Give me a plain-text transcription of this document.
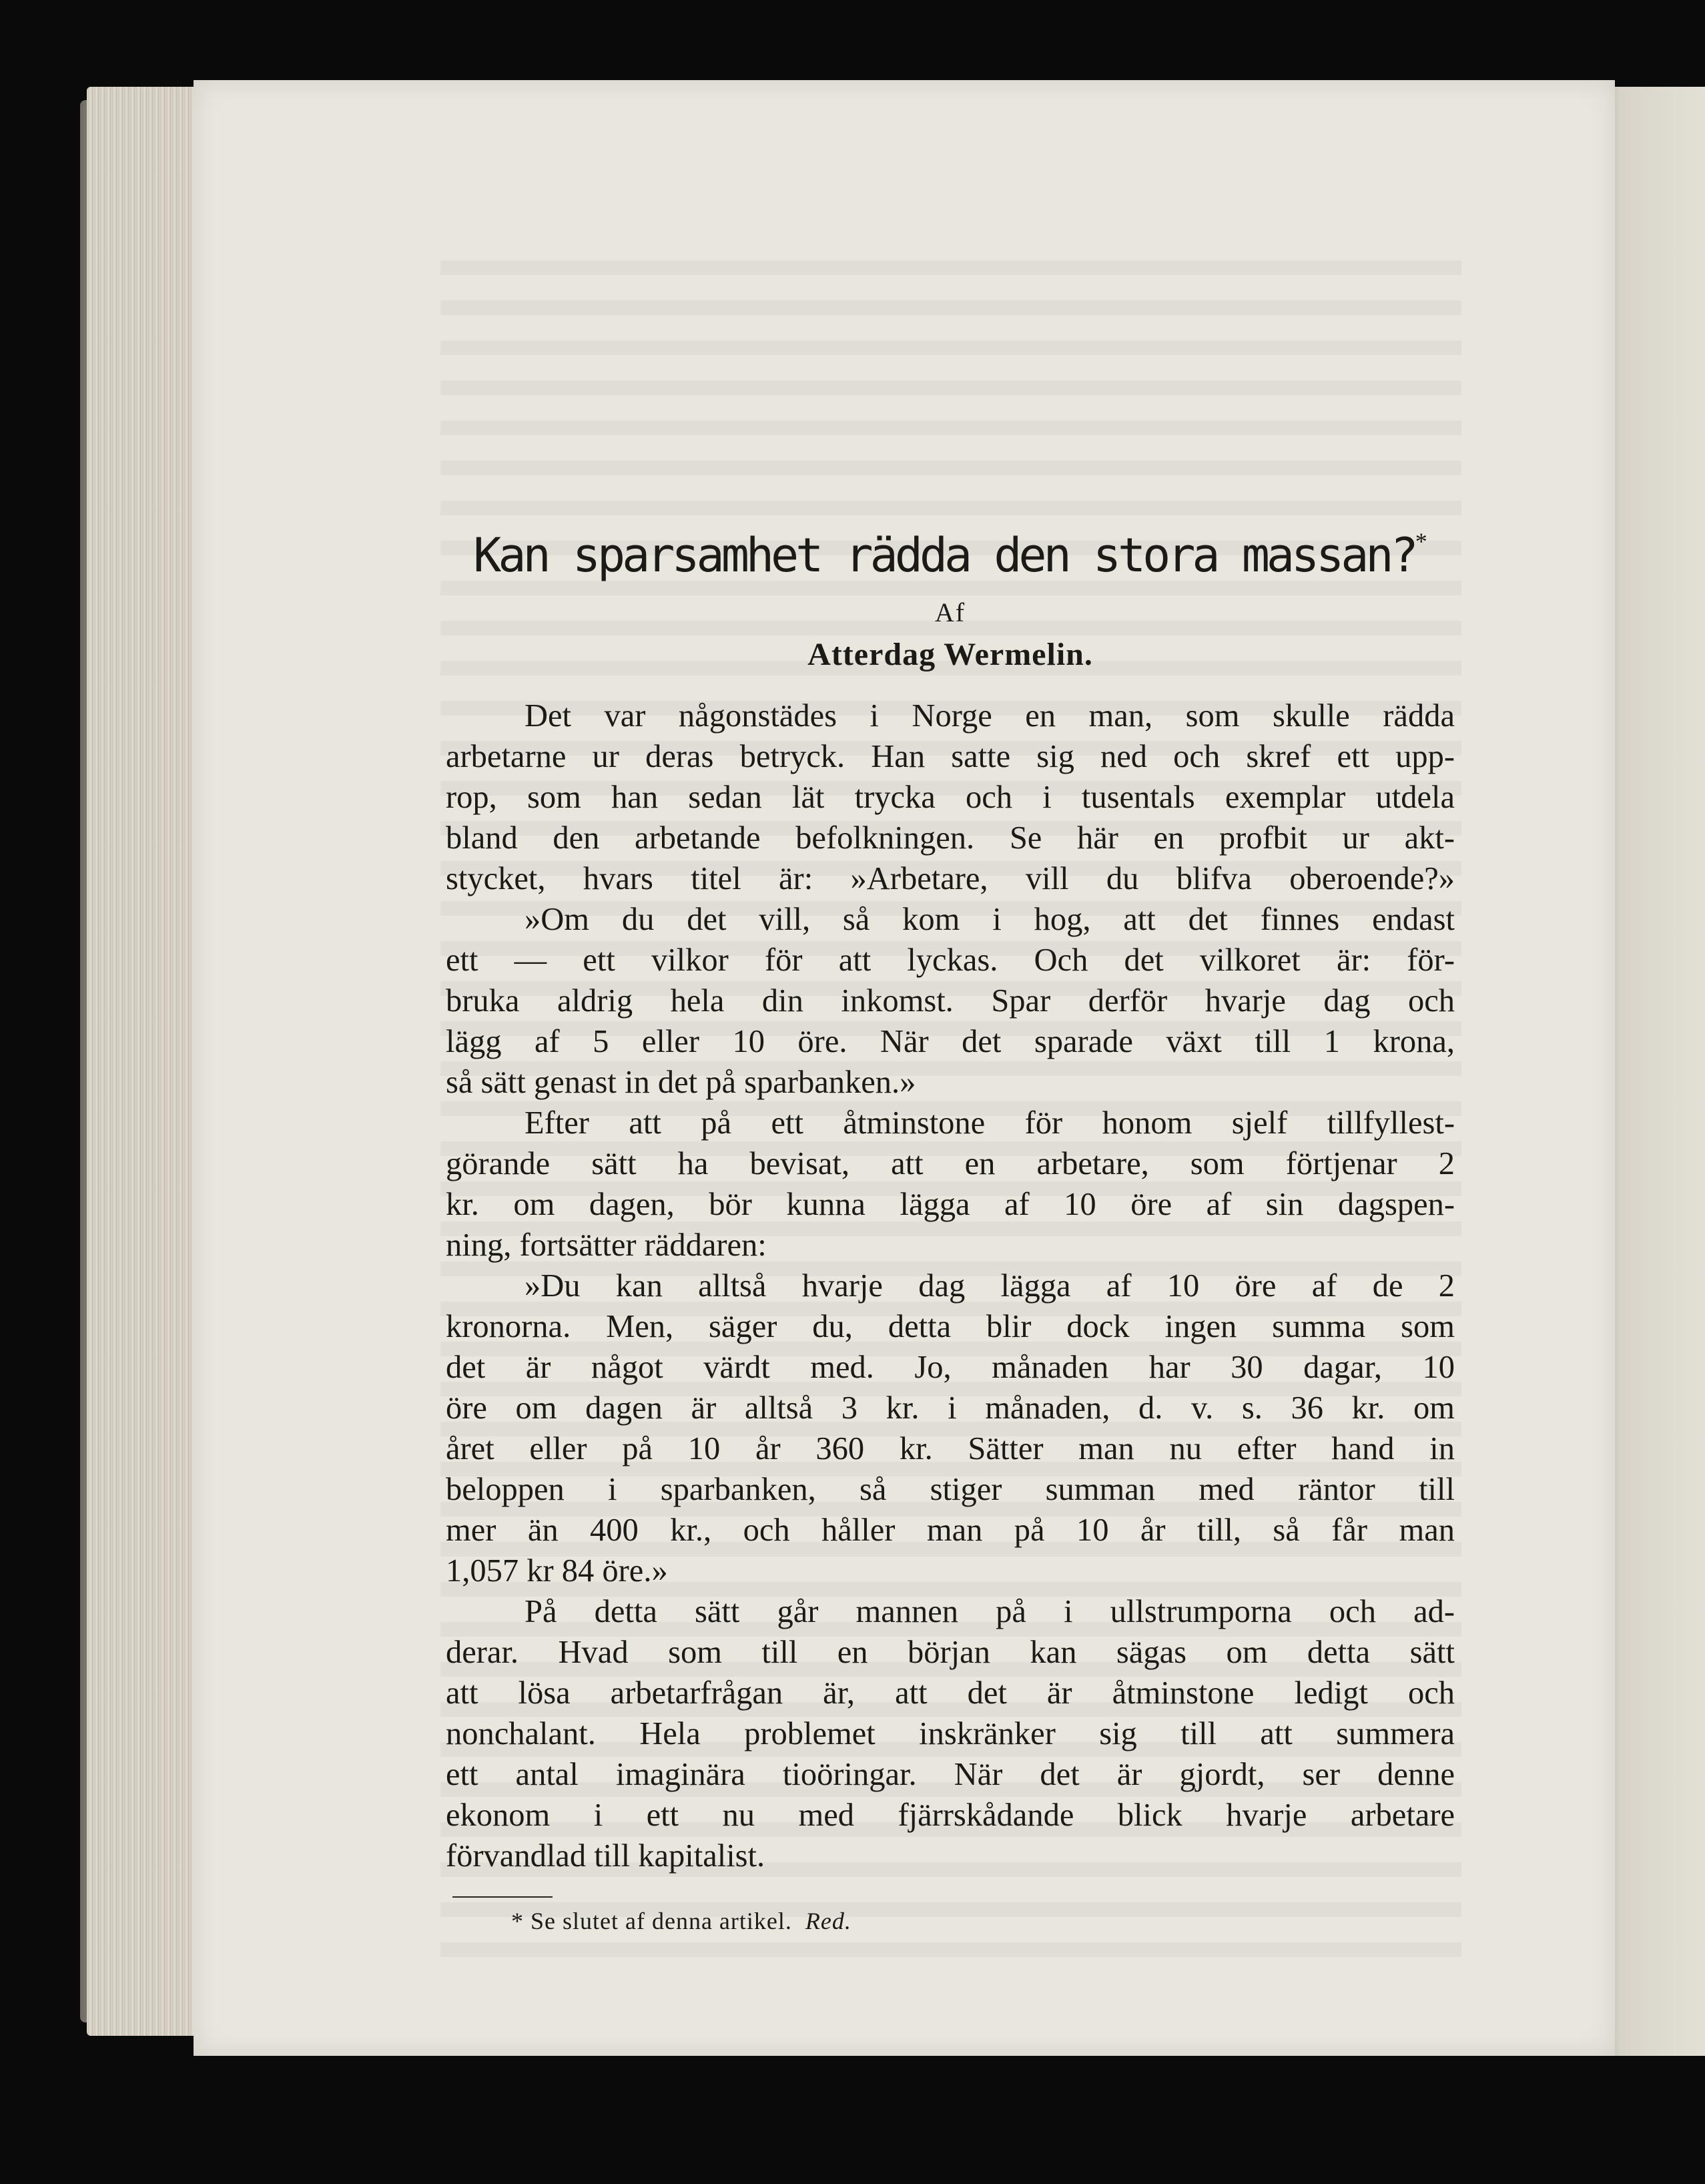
Kan sparsamhet rädda den stora massan?*
Af
Atterdag Wermelin.

Det var någonstädes i Norge en man, som skulle rädda
arbetarne ur deras betryck. Han satte sig ned och skref ett upp-
rop, som han sedan lät trycka och i tusentals exemplar utdela
bland den arbetande befolkningen. Se här en profbit ur akt-
stycket, hvars titel är: »Arbetare, vill du blifva oberoende?»

»Om du det vill, så kom i hog, att det finnes endast
ett — ett vilkor för att lyckas. Och det vilkoret är: för-
bruka aldrig hela din inkomst. Spar derför hvarje dag och
lägg af 5 eller 10 öre. När det sparade växt till 1 krona,
så sätt genast in det på sparbanken.»

Efter att på ett åtminstone för honom sjelf tillfyllest-
görande sätt ha bevisat, att en arbetare, som förtjenar 2
kr. om dagen, bör kunna lägga af 10 öre af sin dagspen-
ning, fortsätter räddaren:

»Du kan alltså hvarje dag lägga af 10 öre af de 2
kronorna. Men, säger du, detta blir dock ingen summa som
det är något värdt med. Jo, månaden har 30 dagar, 10
öre om dagen är alltså 3 kr. i månaden, d. v. s. 36 kr. om
året eller på 10 år 360 kr. Sätter man nu efter hand in
beloppen i sparbanken, så stiger summan med räntor till
mer än 400 kr., och håller man på 10 år till, så får man
1,057 kr 84 öre.»

På detta sätt går mannen på i ullstrumporna och ad-
derar. Hvad som till en början kan sägas om detta sätt
att lösa arbetarfrågan är, att det är åtminstone ledigt och
nonchalant. Hela problemet inskränker sig till att summera
ett antal imaginära tioöringar. När det är gjordt, ser denne
ekonom i ett nu med fjärrskådande blick hvarje arbetare
förvandlad till kapitalist.

* Se slutet af denna artikel. Red.
